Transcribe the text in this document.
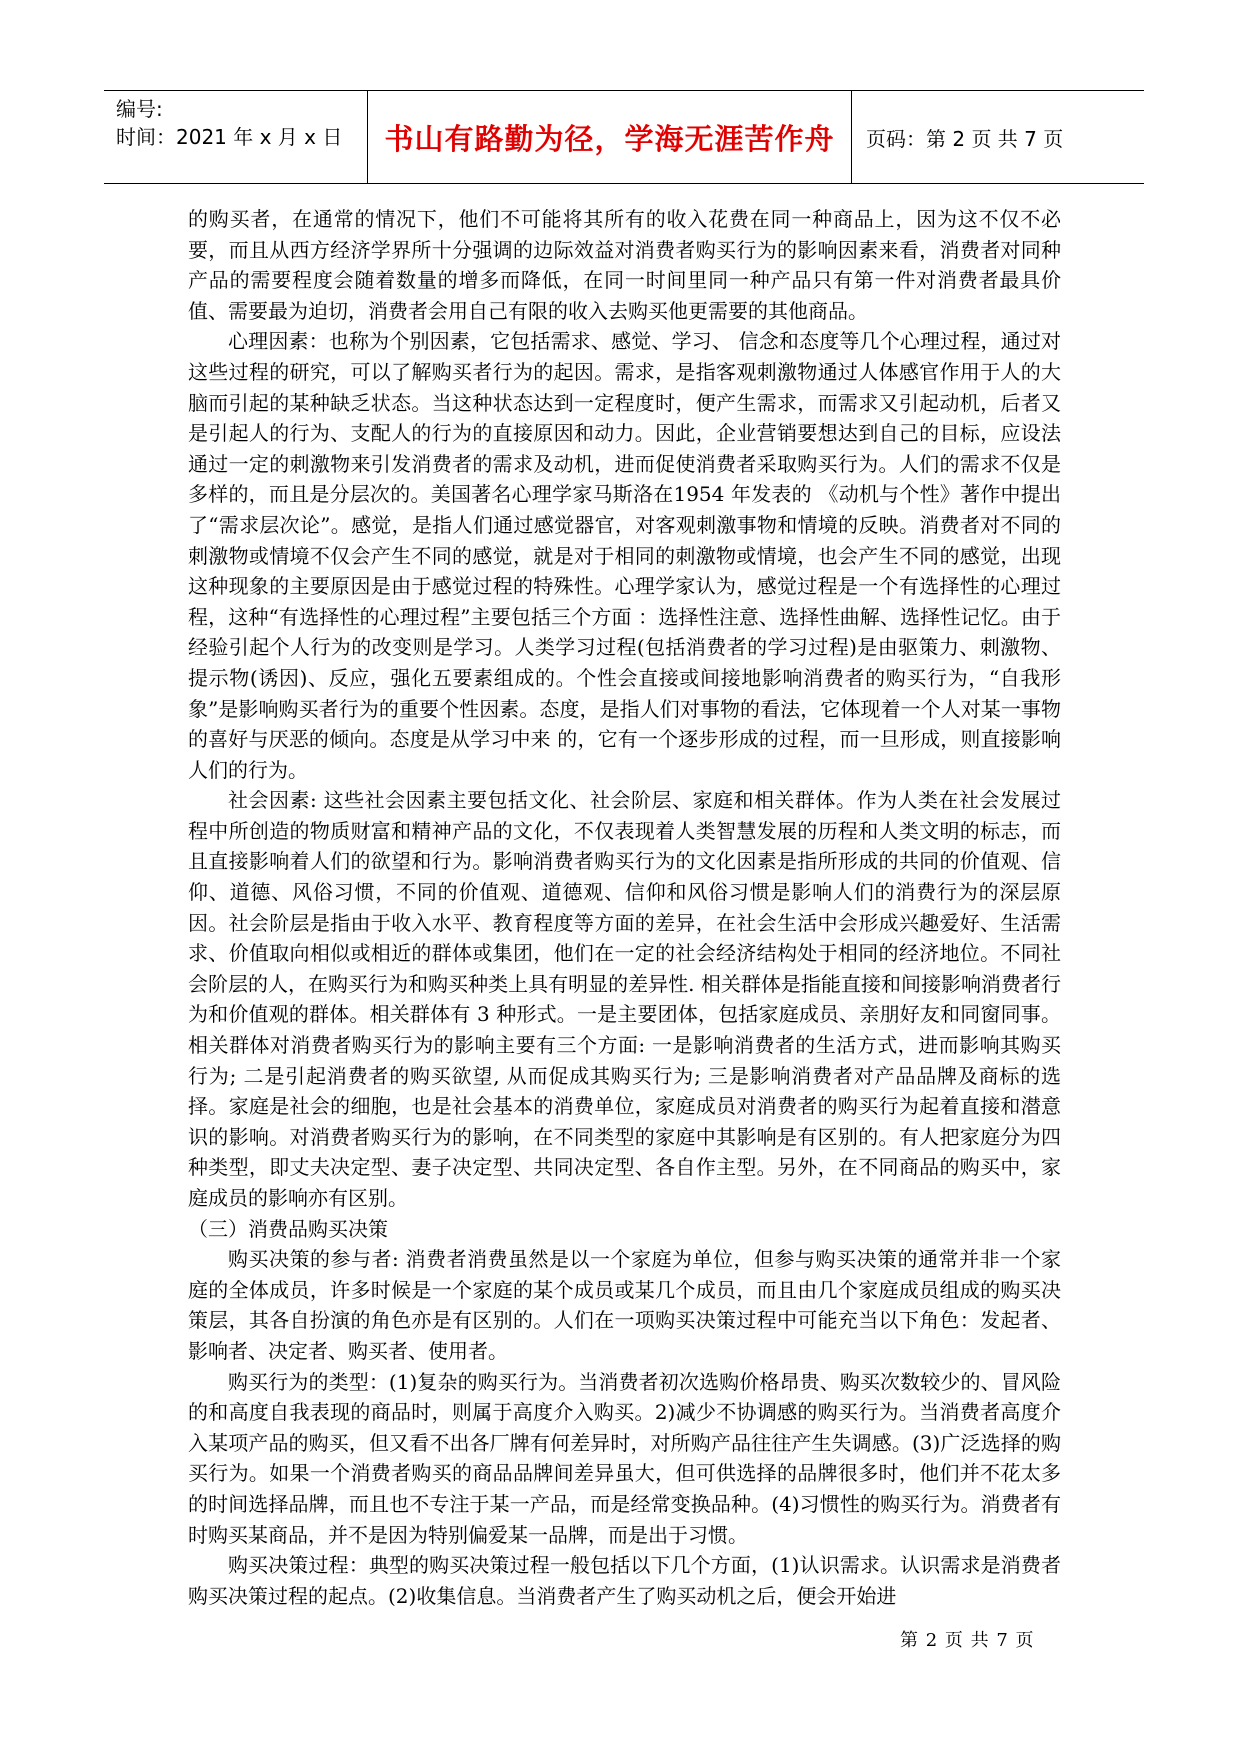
编号:
时间：2021 年 x 月 x 日	书山有路勤为径，学海无涯苦作舟	页码：第 2 页 共 7 页

的购买者，在通常的情况下，他们不可能将其所有的收入花费在同一种商品上，因为这不仅不必要，而且从西方经济学界所十分强调的边际效益对消费者购买行为的影响因素来看，消费者对同种产品的需要程度会随着数量的增多而降低，在同一时间里同一种产品只有第一件对消费者最具价值、需要最为迫切，消费者会用自己有限的收入去购买他更需要的其他商品。

心理因素：也称为个别因素，它包括需求、感觉、学习、 信念和态度等几个心理过程，通过对这些过程的研究，可以了解购买者行为的起因。需求，是指客观刺激物通过人体感官作用于人的大脑而引起的某种缺乏状态。当这种状态达到一定程度时，便产生需求，而需求又引起动机，后者又是引起人的行为、支配人的行为的直接原因和动力。因此，企业营销要想达到自己的目标，应设法通过一定的刺激物来引发消费者的需求及动机，进而促使消费者采取购买行为。人们的需求不仅是多样的，而且是分层次的。美国著名心理学家马斯洛在1954 年发表的 《动机与个性》著作中提出了“需求层次论”。感觉，是指人们通过感觉器官，对客观刺激事物和情境的反映。消费者对不同的刺激物或情境不仅会产生不同的感觉，就是对于相同的刺激物或情境，也会产生不同的感觉，出现这种现象的主要原因是由于感觉过程的特殊性。心理学家认为，感觉过程是一个有选择性的心理过程，这种“有选择性的心理过程”主要包括三个方面 ：选择性注意、选择性曲解、选择性记忆。由于经验引起个人行为的改变则是学习。人类学习过程(包括消费者的学习过程)是由驱策力、刺激物、提示物(诱因)、反应，强化五要素组成的。个性会直接或间接地影响消费者的购买行为，“自我形象”是影响购买者行为的重要个性因素。态度，是指人们对事物的看法，它体现着一个人对某一事物的喜好与厌恶的倾向。态度是从学习中来 的，它有一个逐步形成的过程，而一旦形成，则直接影响人们的行为。

社会因素: 这些社会因素主要包括文化、社会阶层、家庭和相关群体。作为人类在社会发展过程中所创造的物质财富和精神产品的文化，不仅表现着人类智慧发展的历程和人类文明的标志，而且直接影响着人们的欲望和行为。影响消费者购买行为的文化因素是指所形成的共同的价值观、信仰、道德、风俗习惯，不同的价值观、道德观、信仰和风俗习惯是影响人们的消费行为的深层原因。社会阶层是指由于收入水平、教育程度等方面的差异，在社会生活中会形成兴趣爱好、生活需求、价值取向相似或相近的群体或集团，他们在一定的社会经济结构处于相同的经济地位。不同社会阶层的人，在购买行为和购买种类上具有明显的差异性. 相关群体是指能直接和间接影响消费者行为和价值观的群体。相关群体有 3 种形式。一是主要团体，包括家庭成员、亲朋好友和同窗同事。相关群体对消费者购买行为的影响主要有三个方面: 一是影响消费者的生活方式，进而影响其购买行为; 二是引起消费者的购买欲望, 从而促成其购买行为; 三是影响消费者对产品品牌及商标的选择。家庭是社会的细胞，也是社会基本的消费单位，家庭成员对消费者的购买行为起着直接和潜意识的影响。对消费者购买行为的影响，在不同类型的家庭中其影响是有区别的。有人把家庭分为四种类型，即丈夫决定型、妻子决定型、共同决定型、各自作主型。另外，在不同商品的购买中，家庭成员的影响亦有区别。

（三）消费品购买决策

购买决策的参与者: 消费者消费虽然是以一个家庭为单位，但参与购买决策的通常并非一个家庭的全体成员，许多时候是一个家庭的某个成员或某几个成员，而且由几个家庭成员组成的购买决策层，其各自扮演的角色亦是有区别的。人们在一项购买决策过程中可能充当以下角色：发起者、影响者、决定者、购买者、使用者。

购买行为的类型：(1)复杂的购买行为。当消费者初次选购价格昂贵、购买次数较少的、冒风险的和高度自我表现的商品时，则属于高度介入购买。2)减少不协调感的购买行为。当消费者高度介入某项产品的购买，但又看不出各厂牌有何差异时，对所购产品往往产生失调感。(3)广泛选择的购买行为。如果一个消费者购买的商品品牌间差异虽大，但可供选择的品牌很多时，他们并不花太多的时间选择品牌，而且也不专注于某一产品，而是经常变换品种。(4)习惯性的购买行为。消费者有时购买某商品，并不是因为特别偏爱某一品牌，而是出于习惯。

购买决策过程：典型的购买决策过程一般包括以下几个方面，(1)认识需求。认识需求是消费者购买决策过程的起点。(2)收集信息。当消费者产生了购买动机之后，便会开始进

第 2 页 共 7 页
